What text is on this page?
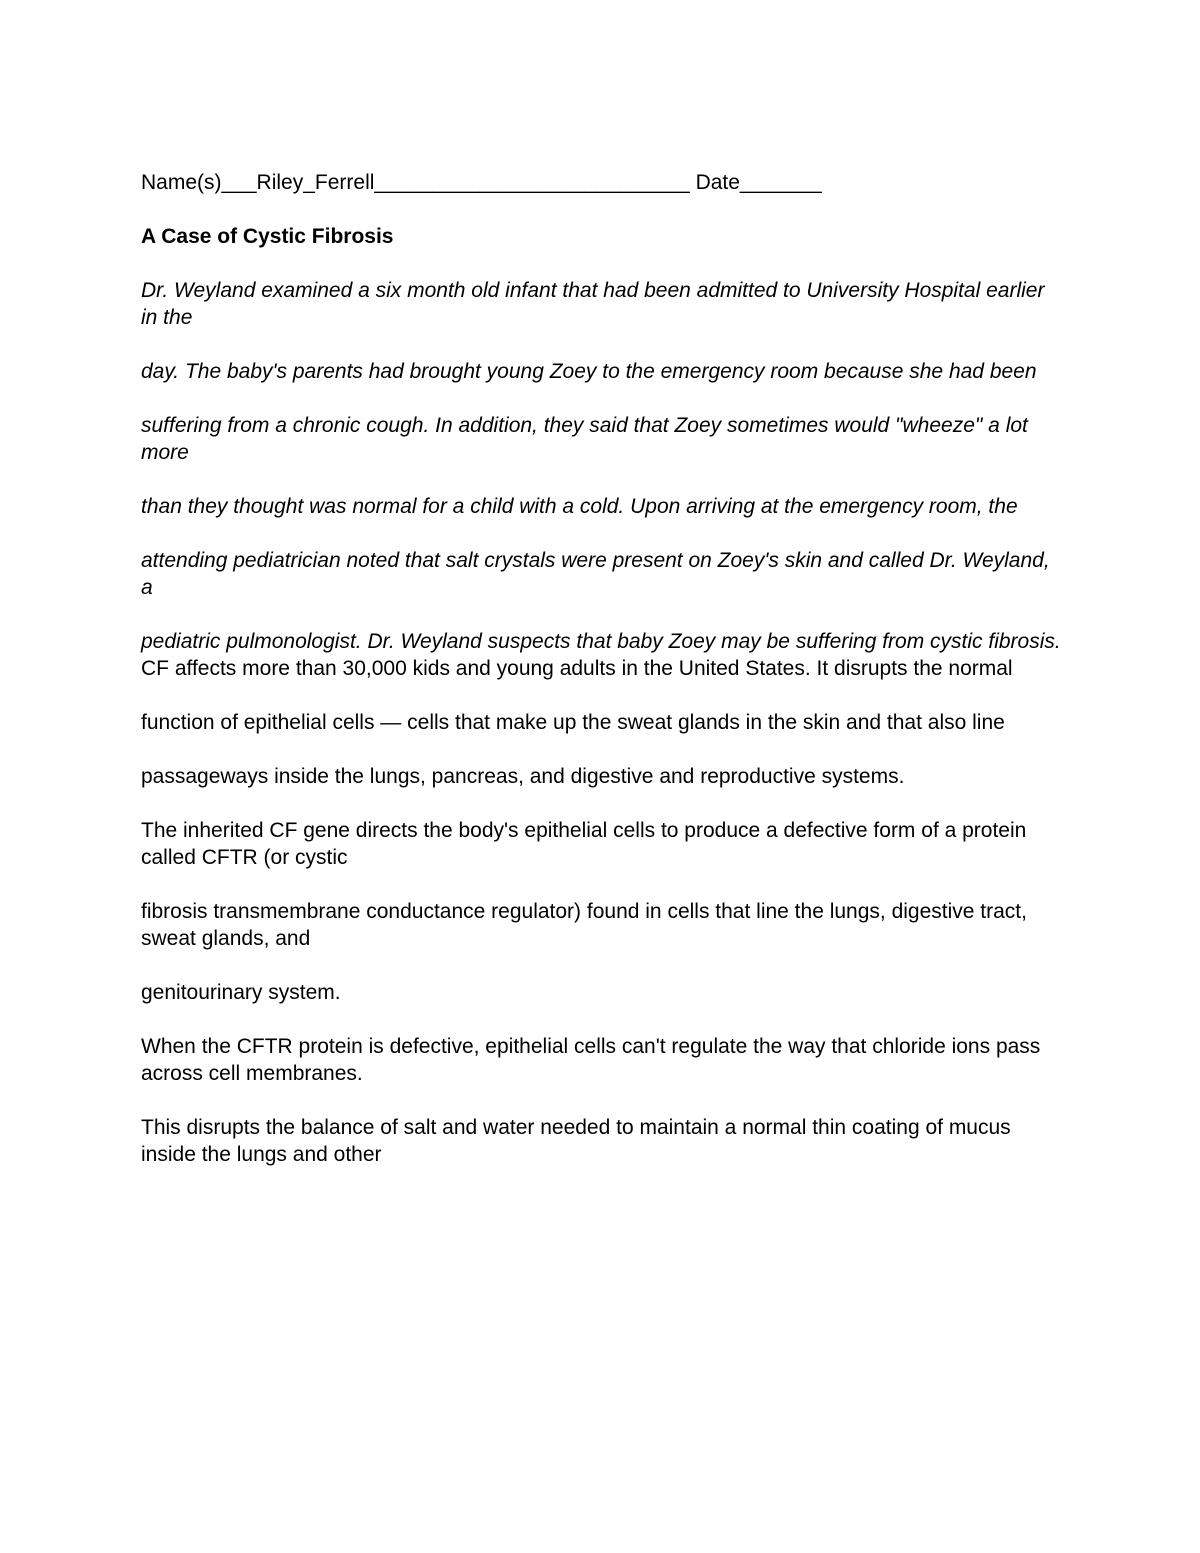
Name(s)___Riley_Ferrell___________________________ Date_______

A Case of Cystic Fibrosis

Dr. Weyland examined a six month old infant that had been admitted to University Hospital earlier in the

day. The baby's parents had brought young Zoey to the emergency room because she had been

suffering from a chronic cough. In addition, they said that Zoey sometimes would "wheeze" a lot more

than they thought was normal for a child with a cold. Upon arriving at the emergency room, the

attending pediatrician noted that salt crystals were present on Zoey's skin and called Dr. Weyland, a

pediatric pulmonologist. Dr. Weyland suspects that baby Zoey may be suffering from cystic fibrosis.

CF affects more than 30,000 kids and young adults in the United States. It disrupts the normal

function of epithelial cells — cells that make up the sweat glands in the skin and that also line

passageways inside the lungs, pancreas, and digestive and reproductive systems.

The inherited CF gene directs the body's epithelial cells to produce a defective form of a protein called CFTR (or cystic

fibrosis transmembrane conductance regulator) found in cells that line the lungs, digestive tract, sweat glands, and

genitourinary system.

When the CFTR protein is defective, epithelial cells can't regulate the way that chloride ions pass across cell membranes.

This disrupts the balance of salt and water needed to maintain a normal thin coating of mucus inside the lungs and other
